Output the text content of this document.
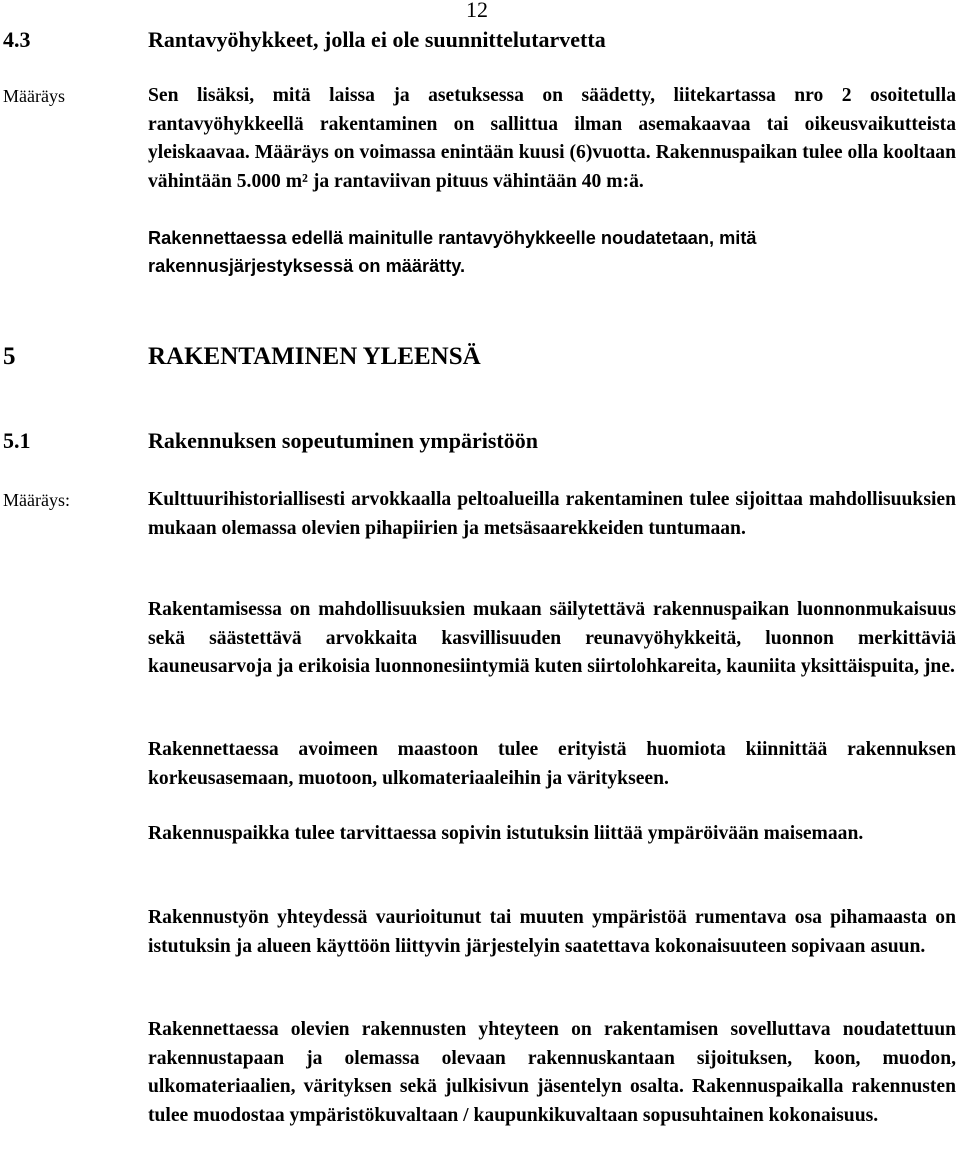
12
4.3	Rantavyöhykkeet, jolla ei ole suunnittelutarvetta
Määräys	Sen lisäksi, mitä laissa ja asetuksessa on säädetty, liitekartassa nro 2 osoitetulla rantavyöhykkeellä rakentaminen on sallittua ilman asemakaavaa tai oikeusvaikutteista yleiskaavaa. Määräys on voimassa enintään kuusi (6)vuotta. Rakennuspaikan tulee olla kooltaan vähintään 5.000 m² ja rantaviivan pituus vähintään 40 m:ä.

Rakennettaessa edellä mainitulle rantavyöhykkeelle noudatetaan, mitä rakennusjärjestyksessä on määrätty.

5	RAKENTAMINEN YLEENSÄ
5.1	Rakennuksen sopeutuminen ympäristöön
Määräys:	Kulttuurihistoriallisesti arvokkaalla peltoalueilla rakentaminen tulee sijoittaa mahdollisuuksien mukaan olemassa olevien pihapiirien ja metsäsaarekkeiden tuntumaan.

Rakentamisessa on mahdollisuuksien mukaan säilytettävä rakennuspaikan luonnonmukaisuus sekä säästettävä arvokkaita kasvillisuuden reunavyöhykkeitä, luonnon merkittäviä kauneusarvoja ja erikoisia luonnonesiintymiä kuten siirtolohkareita, kauniita yksittäispuita, jne.

Rakennettaessa avoimeen maastoon tulee erityistä huomiota kiinnittää rakennuksen korkeusasemaan, muotoon, ulkomateriaaleihin ja väritykseen.

Rakennuspaikka tulee tarvittaessa sopivin istutuksin liittää ympäröivään maisemaan.

Rakennustyön yhteydessä vaurioitunut tai muuten ympäristöä rumentava osa pihamaasta on istutuksin ja alueen käyttöön liittyvin järjestelyin saatettava kokonaisuuteen sopivaan asuun.

Rakennettaessa olevien rakennusten yhteyteen on rakentamisen sovelluttava noudatettuun rakennustapaan ja olemassa olevaan rakennuskantaan sijoituksen, koon, muodon, ulkomateriaalien, värityksen sekä julkisivun jäsentelyn osalta. Rakennuspaikalla rakennusten tulee muodostaa ympäristökuvaltaan / kaupunkikuvaltaan sopusuhtainen kokonaisuus.
